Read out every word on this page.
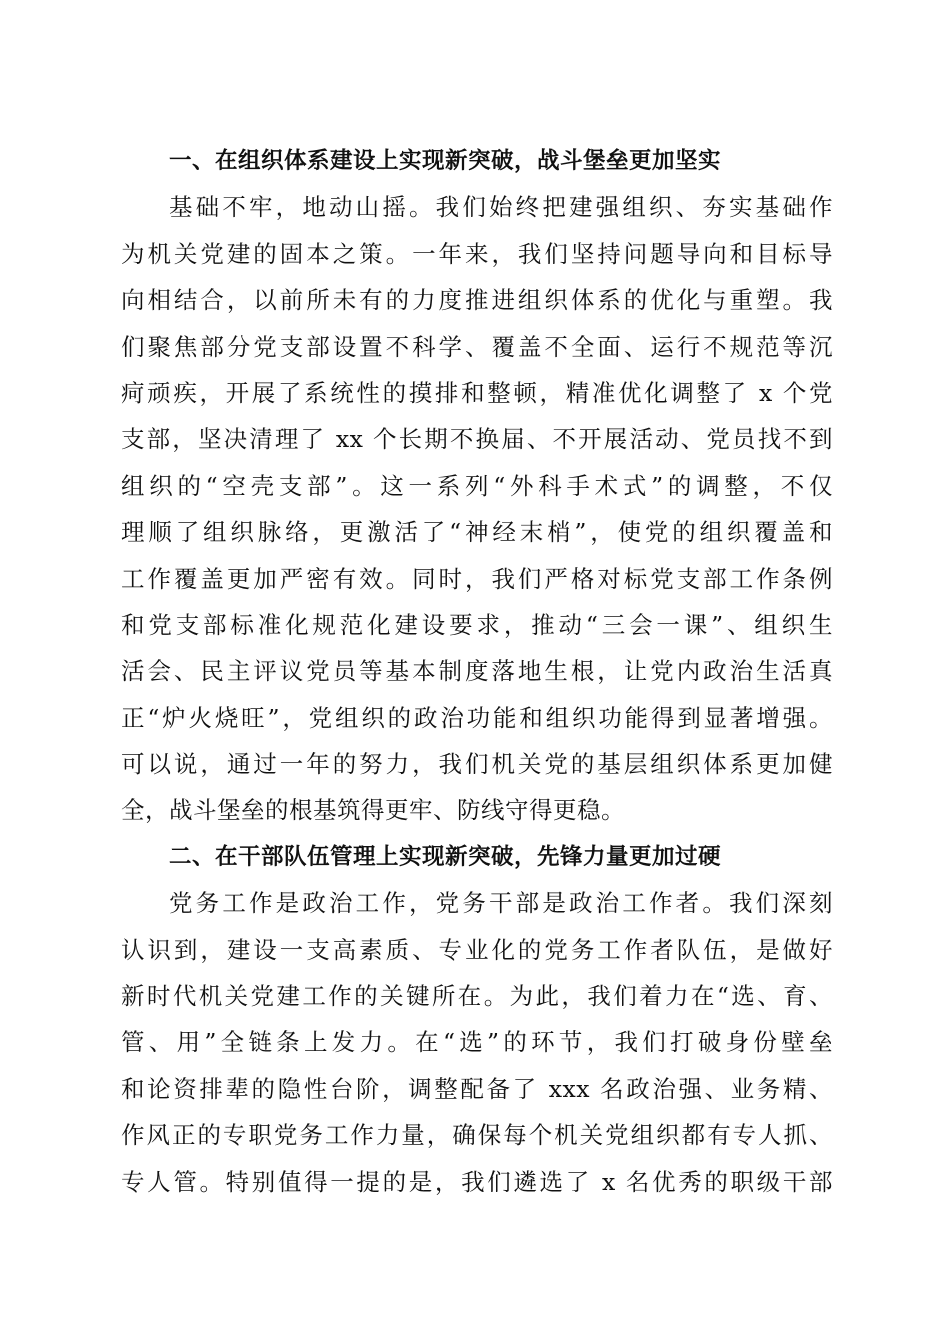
一、在组织体系建设上实现新突破，战斗堡垒更加坚实
基础不牢，地动山摇。我们始终把建强组织、夯实基础作
为机关党建的固本之策。一年来，我们坚持问题导向和目标导
向相结合，以前所未有的力度推进组织体系的优化与重塑。我
们聚焦部分党支部设置不科学、覆盖不全面、运行不规范等沉
疴顽疾，开展了系统性的摸排和整顿，精准优化调整了 x 个党
支部，坚决清理了 xx 个长期不换届、不开展活动、党员找不到
组织的“空壳支部”。这一系列“外科手术式”的调整，不仅
理顺了组织脉络，更激活了“神经末梢”，使党的组织覆盖和
工作覆盖更加严密有效。同时，我们严格对标党支部工作条例
和党支部标准化规范化建设要求，推动“三会一课”、组织生
活会、民主评议党员等基本制度落地生根，让党内政治生活真
正“炉火烧旺”，党组织的政治功能和组织功能得到显著增强。
可以说，通过一年的努力，我们机关党的基层组织体系更加健
全，战斗堡垒的根基筑得更牢、防线守得更稳。
二、在干部队伍管理上实现新突破，先锋力量更加过硬
党务工作是政治工作，党务干部是政治工作者。我们深刻
认识到，建设一支高素质、专业化的党务工作者队伍，是做好
新时代机关党建工作的关键所在。为此，我们着力在“选、育、
管、用”全链条上发力。在“选”的环节，我们打破身份壁垒
和论资排辈的隐性台阶，调整配备了 xxx 名政治强、业务精、
作风正的专职党务工作力量，确保每个机关党组织都有专人抓、
专人管。特别值得一提的是，我们遴选了 x 名优秀的职级干部
